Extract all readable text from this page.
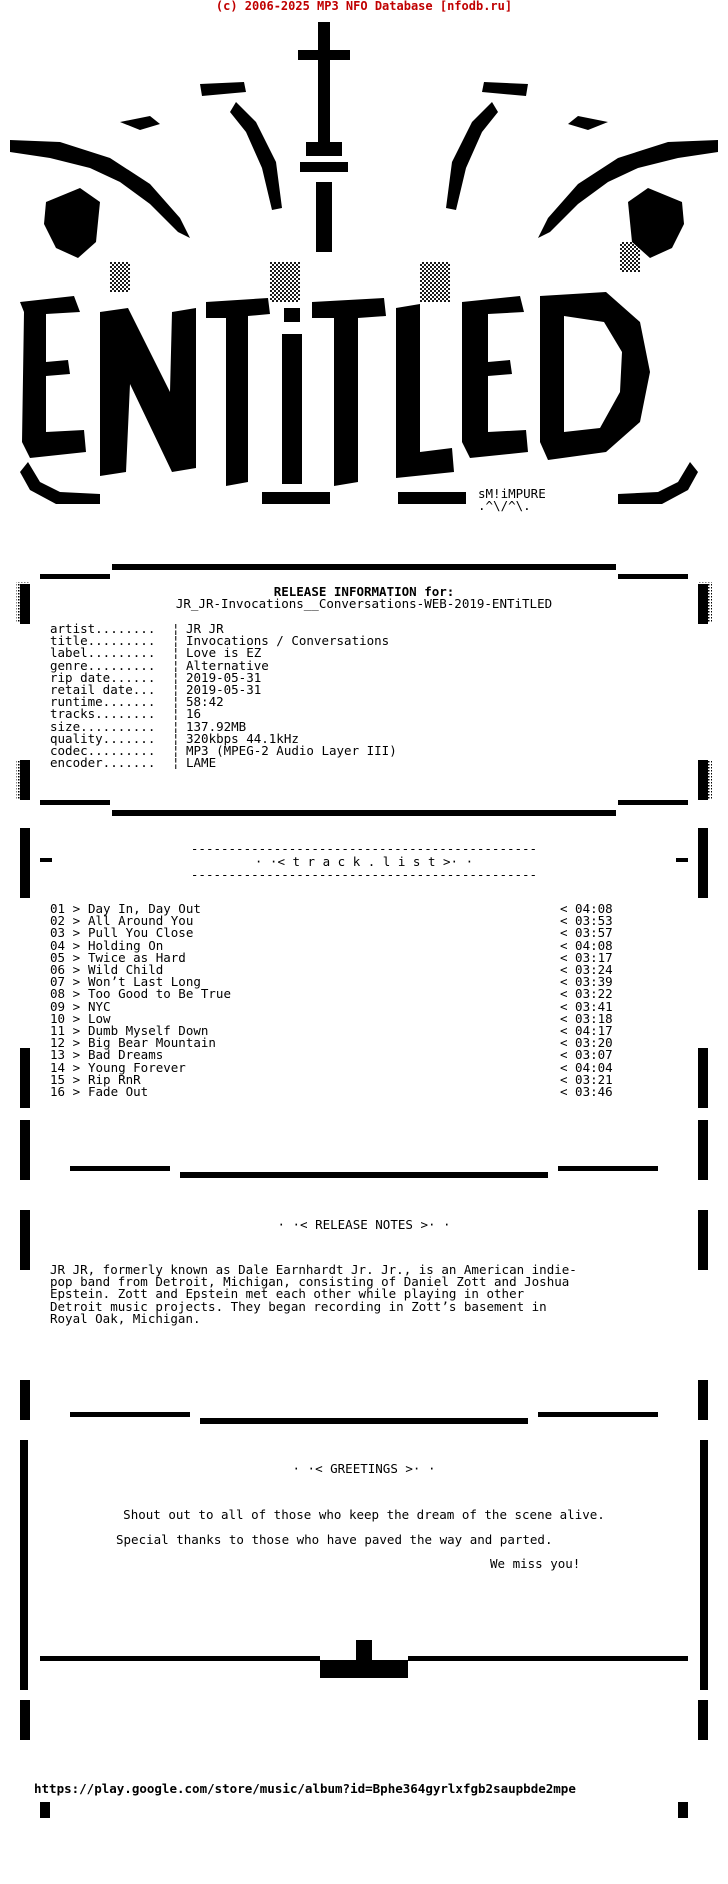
(c) 2006-2025 MP3 NFO Database [nfodb.ru]
sM!iMPURE
.^\/^\.
RELEASE INFORMATION for:
JR_JR-Invocations__Conversations-WEB-2019-ENTiTLED
artist........ ¦ JR JR
title......... ¦ Invocations / Conversations
label......... ¦ Love is EZ
genre......... ¦ Alternative
rip date...... ¦ 2019-05-31
retail date... ¦ 2019-05-31
runtime....... ¦ 58:42
tracks........ ¦ 16
size.......... ¦ 137.92MB
quality....... ¦ 320kbps 44.1kHz
codec......... ¦ MP3 (MPEG-2 Audio Layer III)
encoder....... ¦ LAME
----------------------------------------------
· ·< t r a c k . l i s t >· ·
----------------------------------------------
01 > Day In, Day Out	< 04:08
02 > All Around You	< 03:53
03 > Pull You Close	< 03:57
04 > Holding On	< 04:08
05 > Twice as Hard	< 03:17
06 > Wild Child	< 03:24
07 > Won’t Last Long	< 03:39
08 > Too Good to Be True	< 03:22
09 > NYC	< 03:41
10 > Low	< 03:18
11 > Dumb Myself Down	< 04:17
12 > Big Bear Mountain	< 03:20
13 > Bad Dreams	< 03:07
14 > Young Forever	< 04:04
15 > Rip RnR	< 03:21
16 > Fade Out	< 03:46
· ·< RELEASE NOTES >· ·
JR JR, formerly known as Dale Earnhardt Jr. Jr., is an American indie-
pop band from Detroit, Michigan, consisting of Daniel Zott and Joshua
Epstein. Zott and Epstein met each other while playing in other
Detroit music projects. They began recording in Zott’s basement in
Royal Oak, Michigan.
· ·< GREETINGS >· ·
Shout out to all of those who keep the dream of the scene alive.
Special thanks to those who have paved the way and parted.
We miss you!
https://play.google.com/store/music/album?id=Bphe364gyrlxfgb2saupbde2mpe
